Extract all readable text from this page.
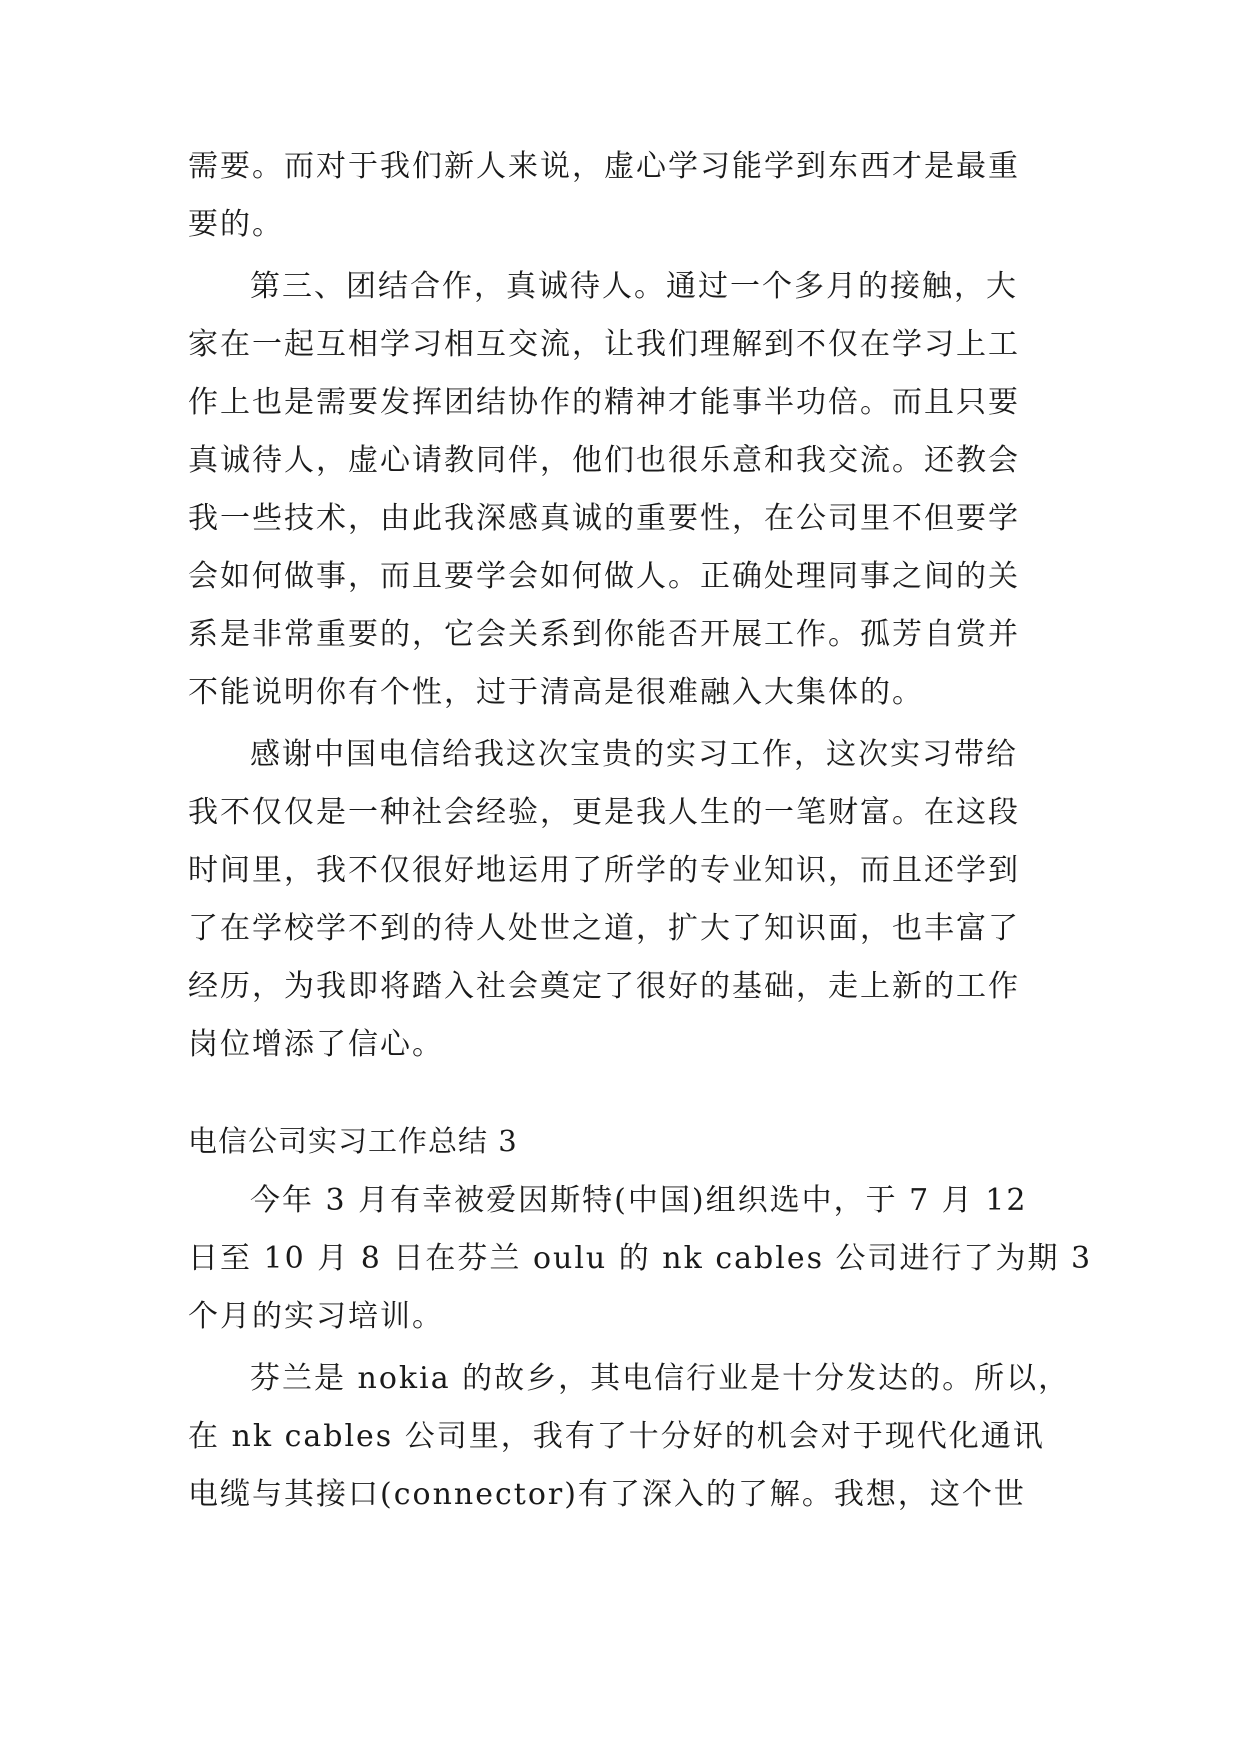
需要。而对于我们新人来说，虚心学习能学到东西才是最重
要的。
第三、团结合作，真诚待人。通过一个多月的接触，大
家在一起互相学习相互交流，让我们理解到不仅在学习上工
作上也是需要发挥团结协作的精神才能事半功倍。而且只要
真诚待人，虚心请教同伴，他们也很乐意和我交流。还教会
我一些技术，由此我深感真诚的重要性，在公司里不但要学
会如何做事，而且要学会如何做人。正确处理同事之间的关
系是非常重要的，它会关系到你能否开展工作。孤芳自赏并
不能说明你有个性，过于清高是很难融入大集体的。
感谢中国电信给我这次宝贵的实习工作，这次实习带给
我不仅仅是一种社会经验，更是我人生的一笔财富。在这段
时间里，我不仅很好地运用了所学的专业知识，而且还学到
了在学校学不到的待人处世之道，扩大了知识面，也丰富了
经历，为我即将踏入社会奠定了很好的基础，走上新的工作
岗位增添了信心。
电信公司实习工作总结 3
今年 3 月有幸被爱因斯特(中国)组织选中，于 7 月 12
日至 10 月 8 日在芬兰 oulu 的 nk cables 公司进行了为期 3
个月的实习培训。
芬兰是 nokia 的故乡，其电信行业是十分发达的。所以，
在 nk cables 公司里，我有了十分好的机会对于现代化通讯
电缆与其接口(connector)有了深入的了解。我想，这个世
